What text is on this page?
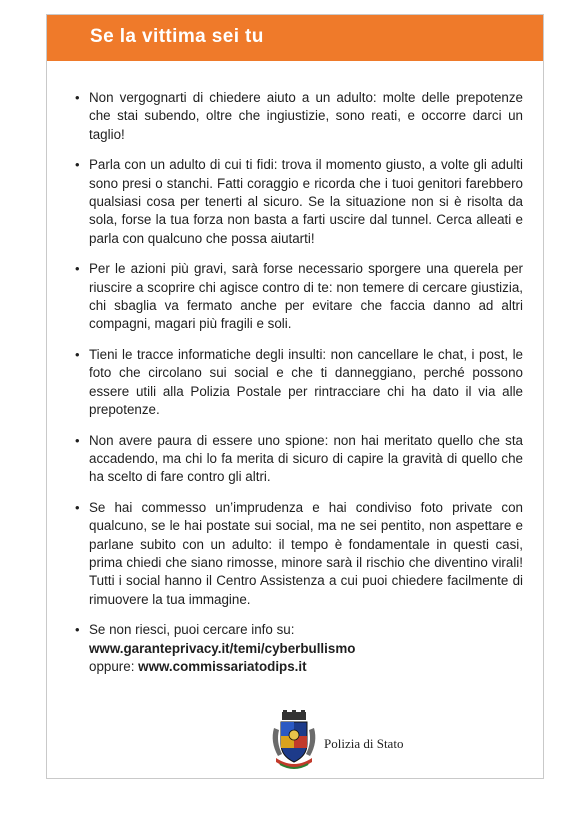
Se la vittima sei tu
• Non vergognarti di chiedere aiuto a un adulto: molte delle prepotenze che stai subendo, oltre che ingiustizie, sono reati, e occorre darci un taglio!
• Parla con un adulto di cui ti fidi: trova il momento giusto, a volte gli adulti sono presi o stanchi. Fatti coraggio e ricorda che i tuoi genitori farebbero qualsiasi cosa per tenerti al sicuro. Se la situazione non si è risolta da sola, forse la tua forza non basta a farti uscire dal tunnel. Cerca alleati e parla con qualcuno che possa aiutarti!
• Per le azioni più gravi, sarà forse necessario sporgere una querela per riuscire a scoprire chi agisce contro di te: non temere di cercare giustizia, chi sbaglia va fermato anche per evitare che faccia danno ad altri compagni, magari più fragili e soli.
• Tieni le tracce informatiche degli insulti: non cancellare le chat, i post, le foto che circolano sui social e che ti danneggiano, perché possono essere utili alla Polizia Postale per rintracciare chi ha dato il via alle prepotenze.
• Non avere paura di essere uno spione: non hai meritato quello che sta accadendo, ma chi lo fa merita di sicuro di capire la gravità di quello che ha scelto di fare contro gli altri.
• Se hai commesso un’imprudenza e hai condiviso foto private con qualcuno, se le hai postate sui social, ma ne sei pentito, non aspettare e parlane subito con un adulto: il tempo è fondamentale in questi casi, prima chiedi che siano rimosse, minore sarà il rischio che diventino virali! Tutti i social hanno il Centro Assistenza a cui puoi chiedere facilmente di rimuovere la tua immagine.
• Se non riesci, puoi cercare info su:
www.garanteprivacy.it/temi/cyberbullismo
oppure: www.commissariatodips.it
Polizia di Stato
